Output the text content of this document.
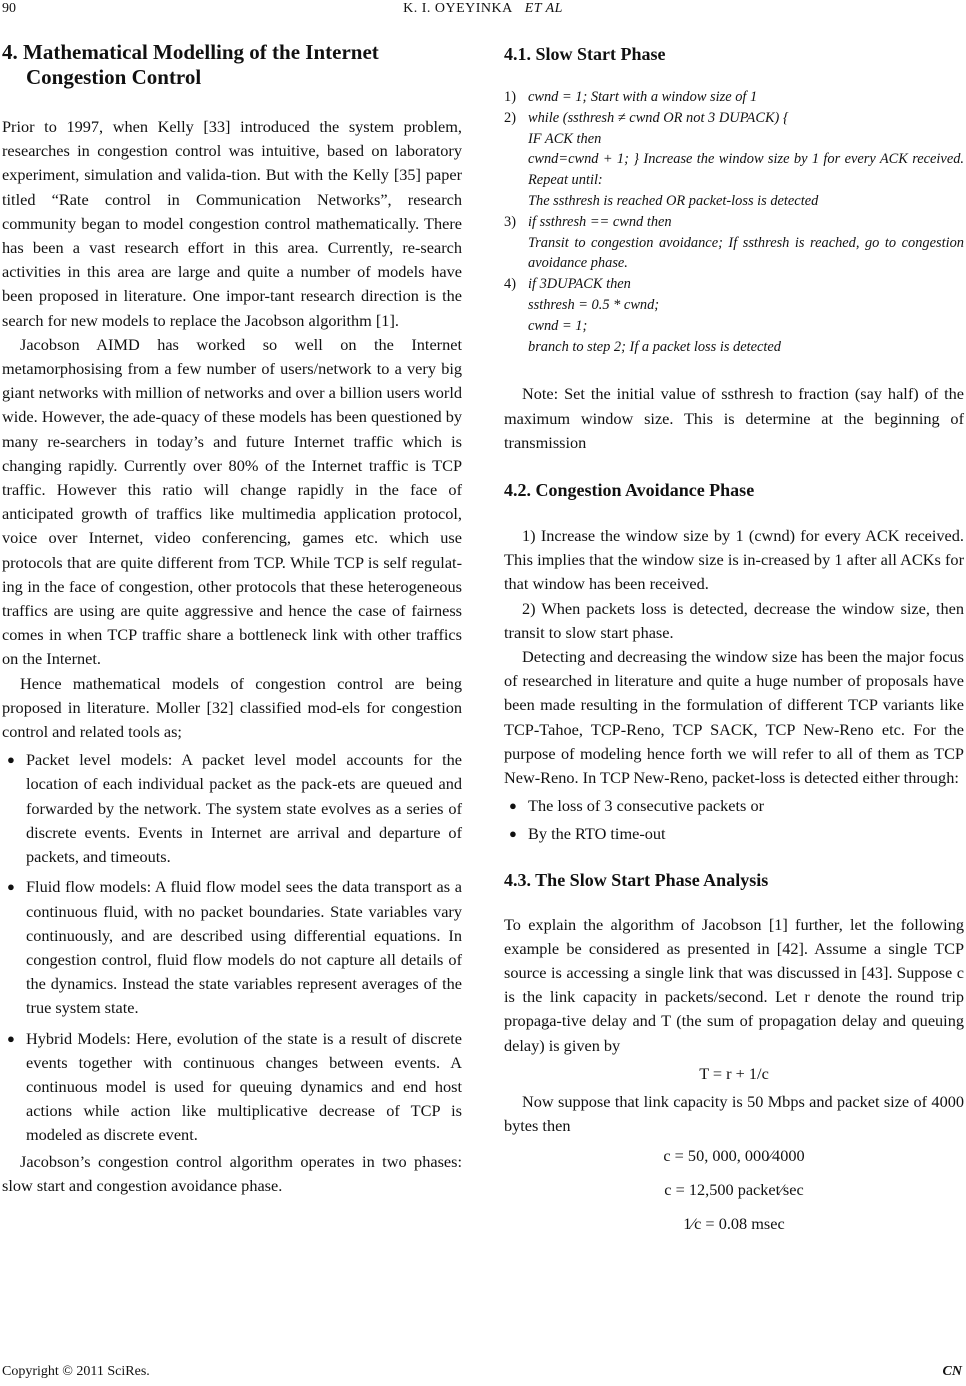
90	K. I. OYEYINKA ET AL
4. Mathematical Modelling of the Internet Congestion Control

Prior to 1997, when Kelly [33] introduced the system problem, researches in congestion control was intuitive, based on laboratory experiment, simulation and valida-tion. But with the Kelly [35] paper titled “Rate control in Communication Networks”, research community began to model congestion control mathematically. There has been a vast research effort in this area. Currently, re-search activities in this area are large and quite a number of models have been proposed in literature. One impor-tant research direction is the search for new models to replace the Jacobson algorithm [1].

Jacobson AIMD has worked so well on the Internet metamorphosising from a few number of users/network to a very big giant networks with million of networks and over a billion users world wide. However, the ade-quacy of these models has been questioned by many re-searchers in today’s and future Internet traffic which is changing rapidly. Currently over 80% of the Internet traffic is TCP traffic. However this ratio will change rapidly in the face of anticipated growth of traffics like multimedia application protocol, voice over Internet, video conferencing, games etc. which use protocols that are quite different from TCP. While TCP is self regulat-ing in the face of congestion, other protocols that these heterogeneous traffics are using are quite aggressive and hence the case of fairness comes in when TCP traffic share a bottleneck link with other traffics on the Internet.

Hence mathematical models of congestion control are being proposed in literature. Moller [32] classified mod-els for congestion control and related tools as;

● Packet level models: A packet level model accounts for the location of each individual packet as the pack-ets are queued and forwarded by the network. The system state evolves as a series of discrete events. Events in Internet are arrival and departure of packets, and timeouts.
● Fluid flow models: A fluid flow model sees the data transport as a continuous fluid, with no packet boundaries. State variables vary continuously, and are described using differential equations. In congestion control, fluid flow models do not capture all details of the dynamics. Instead the state variables represent averages of the true system state.
● Hybrid Models: Here, evolution of the state is a result of discrete events together with continuous changes between events. A continuous model is used for queuing dynamics and end host actions while action like multiplicative decrease of TCP is modeled as discrete event.

Jacobson’s congestion control algorithm operates in two phases: slow start and congestion avoidance phase.

4.1. Slow Start Phase
1) cwnd = 1; Start with a window size of 1
2) while (ssthresh ≠ cwnd OR not 3 DUPACK) {
IF ACK then
cwnd=cwnd + 1; } Increase the window size by 1 for every ACK received. Repeat until:
The ssthresh is reached OR packet-loss is detected
3) if ssthresh == cwnd then
Transit to congestion avoidance; If ssthresh is reached, go to congestion avoidance phase.
4) if 3DUPACK then
ssthresh = 0.5 * cwnd;
cwnd = 1;
branch to step 2; If a packet loss is detected

Note: Set the initial value of ssthresh to fraction (say half) of the maximum window size. This is determine at the beginning of transmission

4.2. Congestion Avoidance Phase

1) Increase the window size by 1 (cwnd) for every ACK received. This implies that the window size is in-creased by 1 after all ACKs for that window has been received.

2) When packets loss is detected, decrease the window size, then transit to slow start phase.

Detecting and decreasing the window size has been the major focus of researched in literature and quite a huge number of proposals have been made resulting in the formulation of different TCP variants like TCP-Tahoe, TCP-Reno, TCP SACK, TCP New-Reno etc. For the purpose of modeling hence forth we will refer to all of them as TCP New-Reno. In TCP New-Reno, packet-loss is detected either through:

● The loss of 3 consecutive packets or
● By the RTO time-out
4.3. The Slow Start Phase Analysis

To explain the algorithm of Jacobson [1] further, let the following example be considered as presented in [42]. Assume a single TCP source is accessing a single link that was discussed in [43]. Suppose c is the link capacity in packets/second. Let r denote the round trip propaga-tive delay and T (the sum of propagation delay and queuing delay) is given by

T = r + 1/c

Now suppose that link capacity is 50 Mbps and packet size of 4000 bytes then

c = 50, 000, 000⁄4000
c = 12,500 packet⁄sec
1⁄c = 0.08 msec
Copyright © 2011 SciRes.	CN
